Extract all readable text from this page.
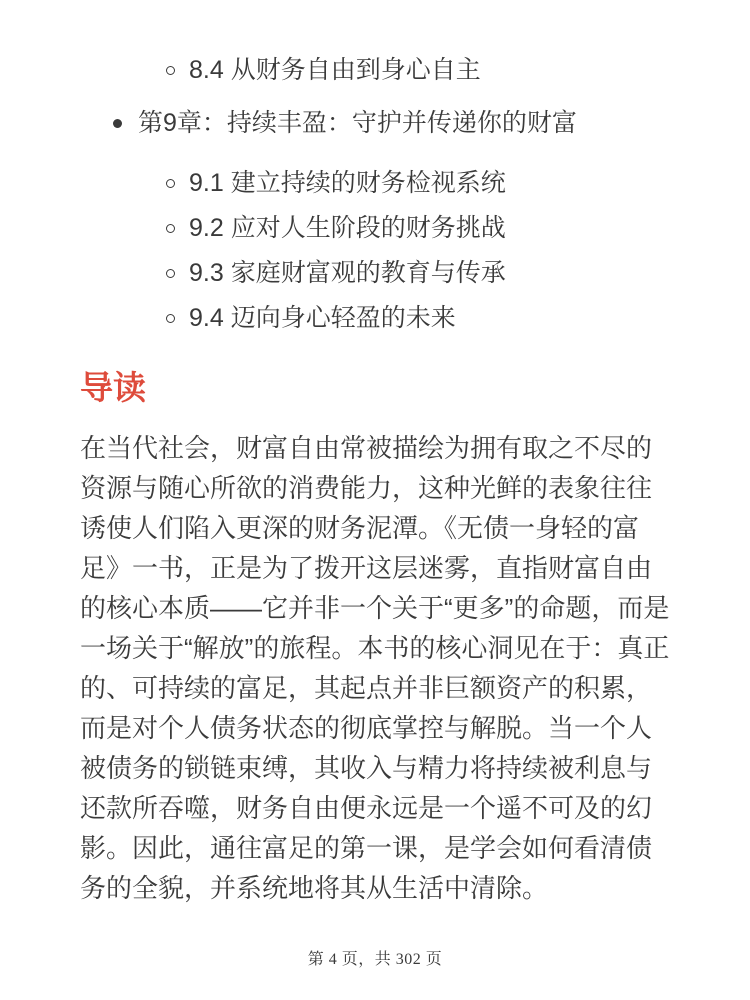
8.4 从财务自由到身心自主
第9章：持续丰盈：守护并传递你的财富
9.1 建立持续的财务检视系统
9.2 应对人生阶段的财务挑战
9.3 家庭财富观的教育与传承
9.4 迈向身心轻盈的未来
导读

在当代社会，财富自由常被描绘为拥有取之不尽的资源与随心所欲的消费能力，这种光鲜的表象往往诱使人们陷入更深的财务泥潭。《无债一身轻的富足》一书，正是为了拨开这层迷雾，直指财富自由的核心本质——它并非一个关于“更多”的命题，而是一场关于“解放”的旅程。本书的核心洞见在于：真正的、可持续的富足，其起点并非巨额资产的积累，而是对个人债务状态的彻底掌控与解脱。当一个人被债务的锁链束缚，其收入与精力将持续被利息与还款所吞噬，财务自由便永远是一个遥不可及的幻影。因此，通往富足的第一课，是学会如何看清债务的全貌，并系统地将其从生活中清除。

第 4 页，共 302 页
